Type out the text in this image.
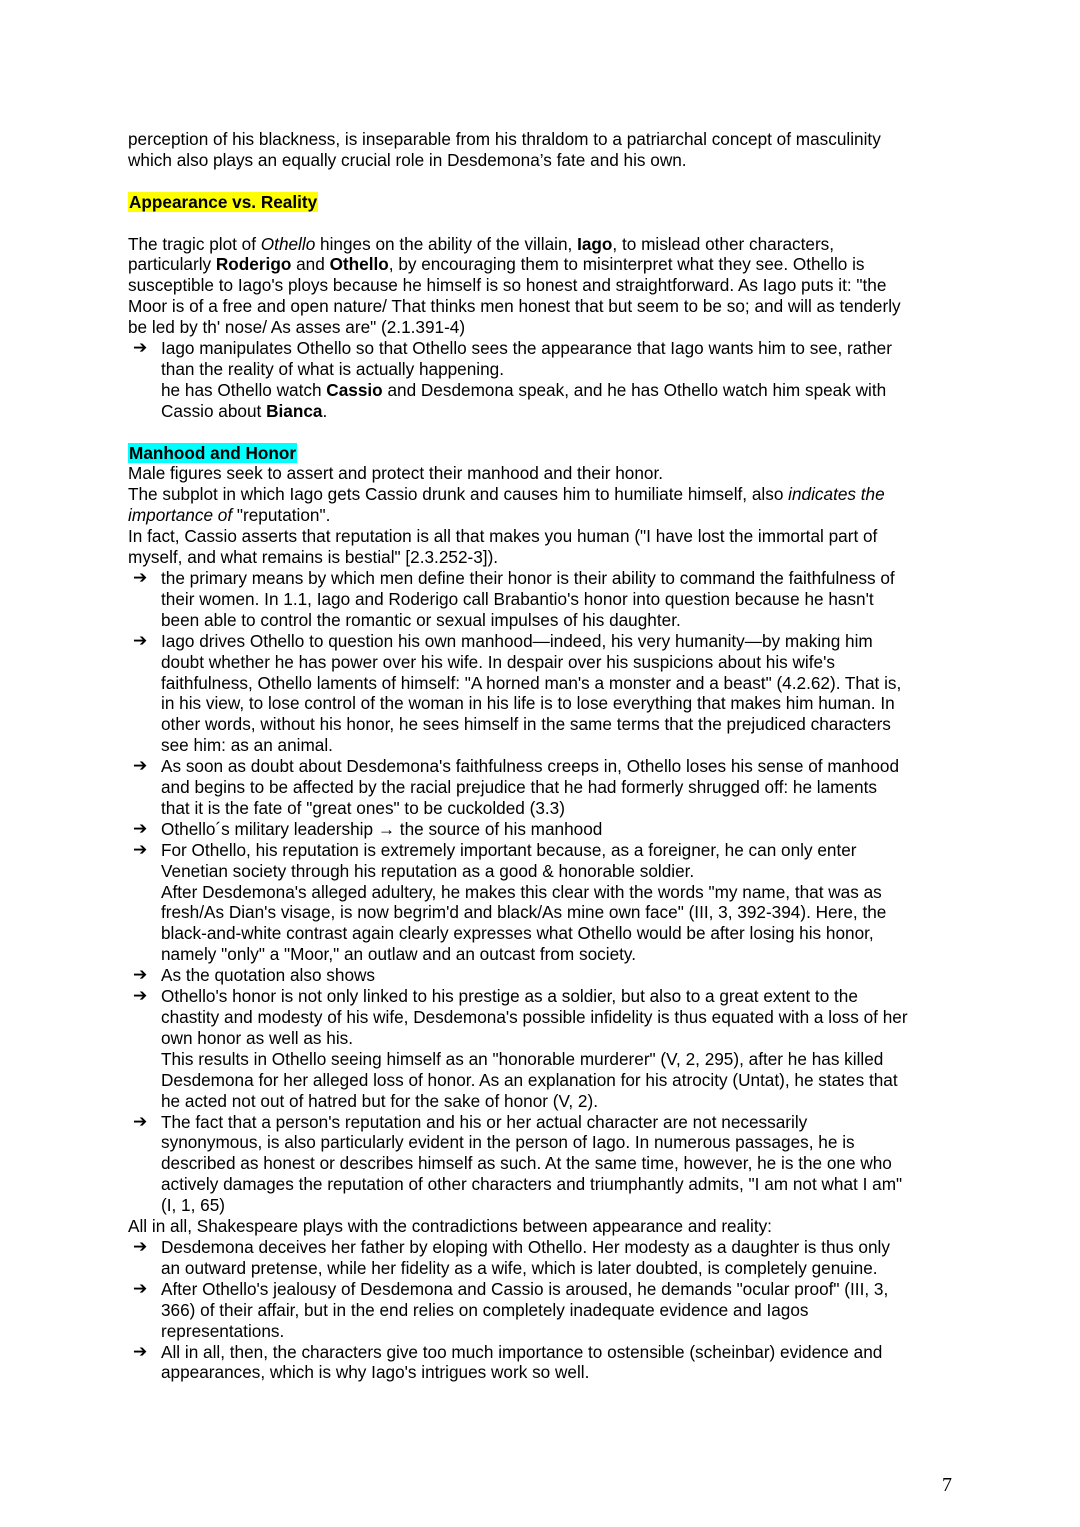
perception of his blackness, is inseparable from his thraldom to a patriarchal concept of masculinity

which also plays an equally crucial role in Desdemona’s fate and his own.

Appearance vs. Reality

The tragic plot of Othello hinges on the ability of the villain, Iago, to mislead other characters,

particularly Roderigo and Othello, by encouraging them to misinterpret what they see. Othello is

susceptible to Iago's ploys because he himself is so honest and straightforward. As Iago puts it: "the

Moor is of a free and open nature/ That thinks men honest that but seem to be so; and will as tenderly

be led by th' nose/ As asses are" (2.1.391-4)

➔ Iago manipulates Othello so that Othello sees the appearance that Iago wants him to see, rather

than the reality of what is actually happening.

he has Othello watch Cassio and Desdemona speak, and he has Othello watch him speak with

Cassio about Bianca.

Manhood and Honor

Male figures seek to assert and protect their manhood and their honor.

The subplot in which Iago gets Cassio drunk and causes him to humiliate himself, also indicates the

importance of "reputation".

In fact, Cassio asserts that reputation is all that makes you human ("I have lost the immortal part of

myself, and what remains is bestial" [2.3.252-3]).

➔ the primary means by which men define their honor is their ability to command the faithfulness of

their women. In 1.1, Iago and Roderigo call Brabantio's honor into question because he hasn't

been able to control the romantic or sexual impulses of his daughter.

➔ Iago drives Othello to question his own manhood—indeed, his very humanity—by making him

doubt whether he has power over his wife. In despair over his suspicions about his wife's

faithfulness, Othello laments of himself: "A horned man's a monster and a beast" (4.2.62). That is,

in his view, to lose control of the woman in his life is to lose everything that makes him human. In

other words, without his honor, he sees himself in the same terms that the prejudiced characters

see him: as an animal.

➔ As soon as doubt about Desdemona's faithfulness creeps in, Othello loses his sense of manhood

and begins to be affected by the racial prejudice that he had formerly shrugged off: he laments

that it is the fate of "great ones" to be cuckolded (3.3)

➔ Othello´s military leadership → the source of his manhood

➔ For Othello, his reputation is extremely important because, as a foreigner, he can only enter

Venetian society through his reputation as a good & honorable soldier.

After Desdemona's alleged adultery, he makes this clear with the words "my name, that was as

fresh/As Dian's visage, is now begrim'd and black/As mine own face" (III, 3, 392-394). Here, the

black-and-white contrast again clearly expresses what Othello would be after losing his honor,

namely "only" a "Moor," an outlaw and an outcast from society.

➔ As the quotation also shows

➔ Othello's honor is not only linked to his prestige as a soldier, but also to a great extent to the

chastity and modesty of his wife, Desdemona's possible infidelity is thus equated with a loss of her

own honor as well as his.

This results in Othello seeing himself as an "honorable murderer" (V, 2, 295), after he has killed

Desdemona for her alleged loss of honor. As an explanation for his atrocity (Untat), he states that

he acted not out of hatred but for the sake of honor (V, 2).

➔ The fact that a person's reputation and his or her actual character are not necessarily

synonymous, is also particularly evident in the person of Iago. In numerous passages, he is

described as honest or describes himself as such. At the same time, however, he is the one who

actively damages the reputation of other characters and triumphantly admits, "I am not what I am"

(I, 1, 65)

All in all, Shakespeare plays with the contradictions between appearance and reality:

➔ Desdemona deceives her father by eloping with Othello. Her modesty as a daughter is thus only

an outward pretense, while her fidelity as a wife, which is later doubted, is completely genuine.

➔ After Othello's jealousy of Desdemona and Cassio is aroused, he demands "ocular proof" (III, 3,

366) of their affair, but in the end relies on completely inadequate evidence and Iagos

representations.

➔ All in all, then, the characters give too much importance to ostensible (scheinbar) evidence and

appearances, which is why Iago's intrigues work so well.

7
